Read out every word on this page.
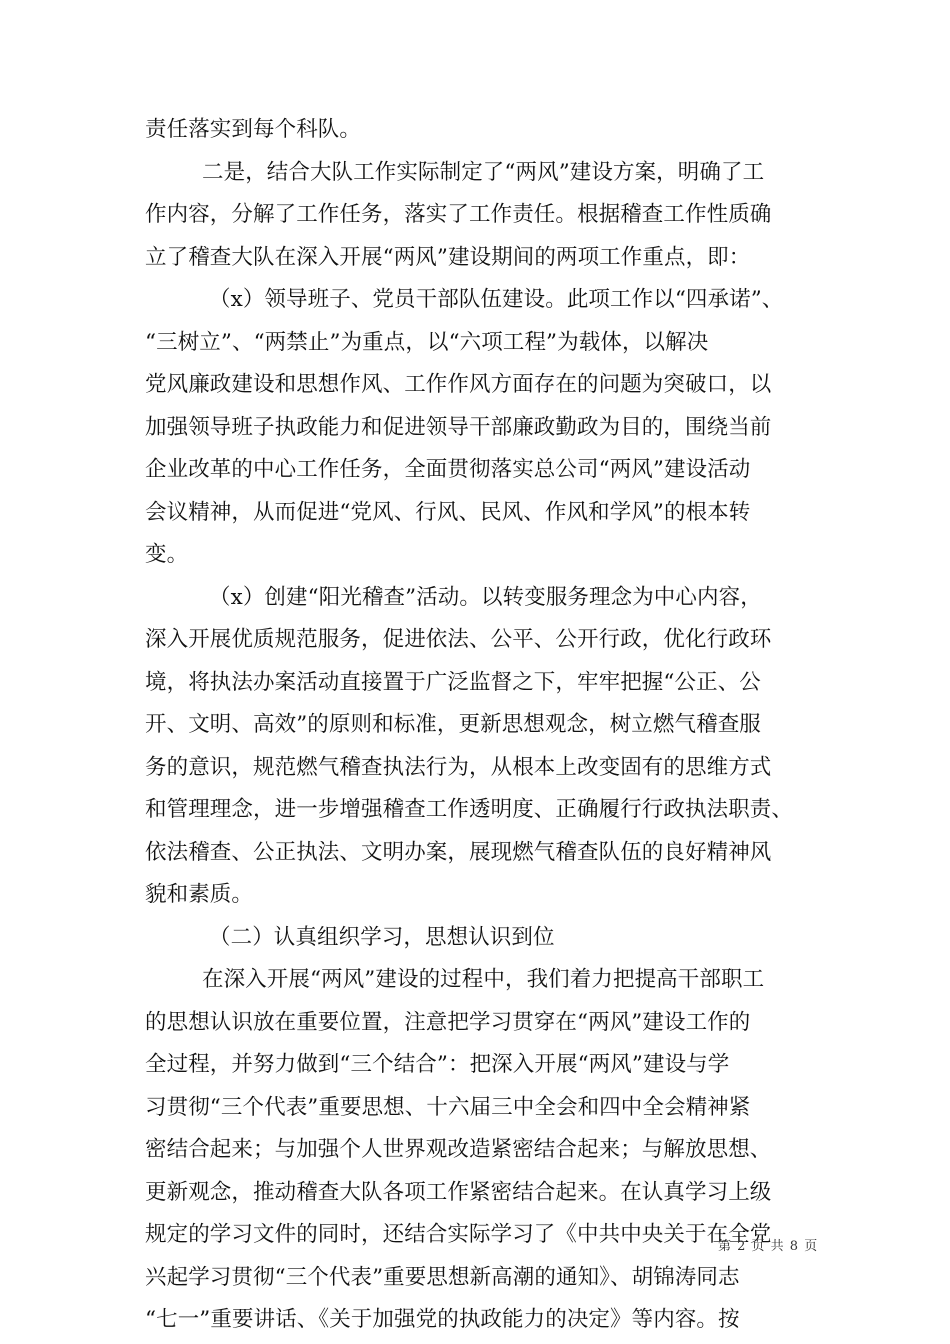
责任落实到每个科队。
二是，结合大队工作实际制定了“两风”建设方案，明确了工
作内容，分解了工作任务，落实了工作责任。根据稽查工作性质确
立了稽查大队在深入开展“两风”建设期间的两项工作重点，即：
（x）领导班子、党员干部队伍建设。此项工作以“四承诺”、
“三树立”、“两禁止”为重点，以“六项工程”为载体，以解决
党风廉政建设和思想作风、工作作风方面存在的问题为突破口，以
加强领导班子执政能力和促进领导干部廉政勤政为目的，围绕当前
企业改革的中心工作任务，全面贯彻落实总公司“两风”建设活动
会议精神，从而促进“党风、行风、民风、作风和学风”的根本转
变。
（x）创建“阳光稽查”活动。以转变服务理念为中心内容，
深入开展优质规范服务，促进依法、公平、公开行政，优化行政环
境，将执法办案活动直接置于广泛监督之下，牢牢把握“公正、公
开、文明、高效”的原则和标准，更新思想观念，树立燃气稽查服
务的意识，规范燃气稽查执法行为，从根本上改变固有的思维方式
和管理理念，进一步增强稽查工作透明度、正确履行行政执法职责、
依法稽查、公正执法、文明办案，展现燃气稽查队伍的良好精神风
貌和素质。
（二）认真组织学习，思想认识到位
在深入开展“两风”建设的过程中，我们着力把提高干部职工
的思想认识放在重要位置，注意把学习贯穿在“两风”建设工作的
全过程，并努力做到“三个结合”：把深入开展“两风”建设与学
习贯彻“三个代表”重要思想、十六届三中全会和四中全会精神紧
密结合起来；与加强个人世界观改造紧密结合起来；与解放思想、
更新观念，推动稽查大队各项工作紧密结合起来。在认真学习上级
规定的学习文件的同时，还结合实际学习了《中共中央关于在全党
兴起学习贯彻“三个代表”重要思想新高潮的通知》、胡锦涛同志
“七一”重要讲话、《关于加强党的执政能力的决定》等内容。按
第 2 页 共 8 页
